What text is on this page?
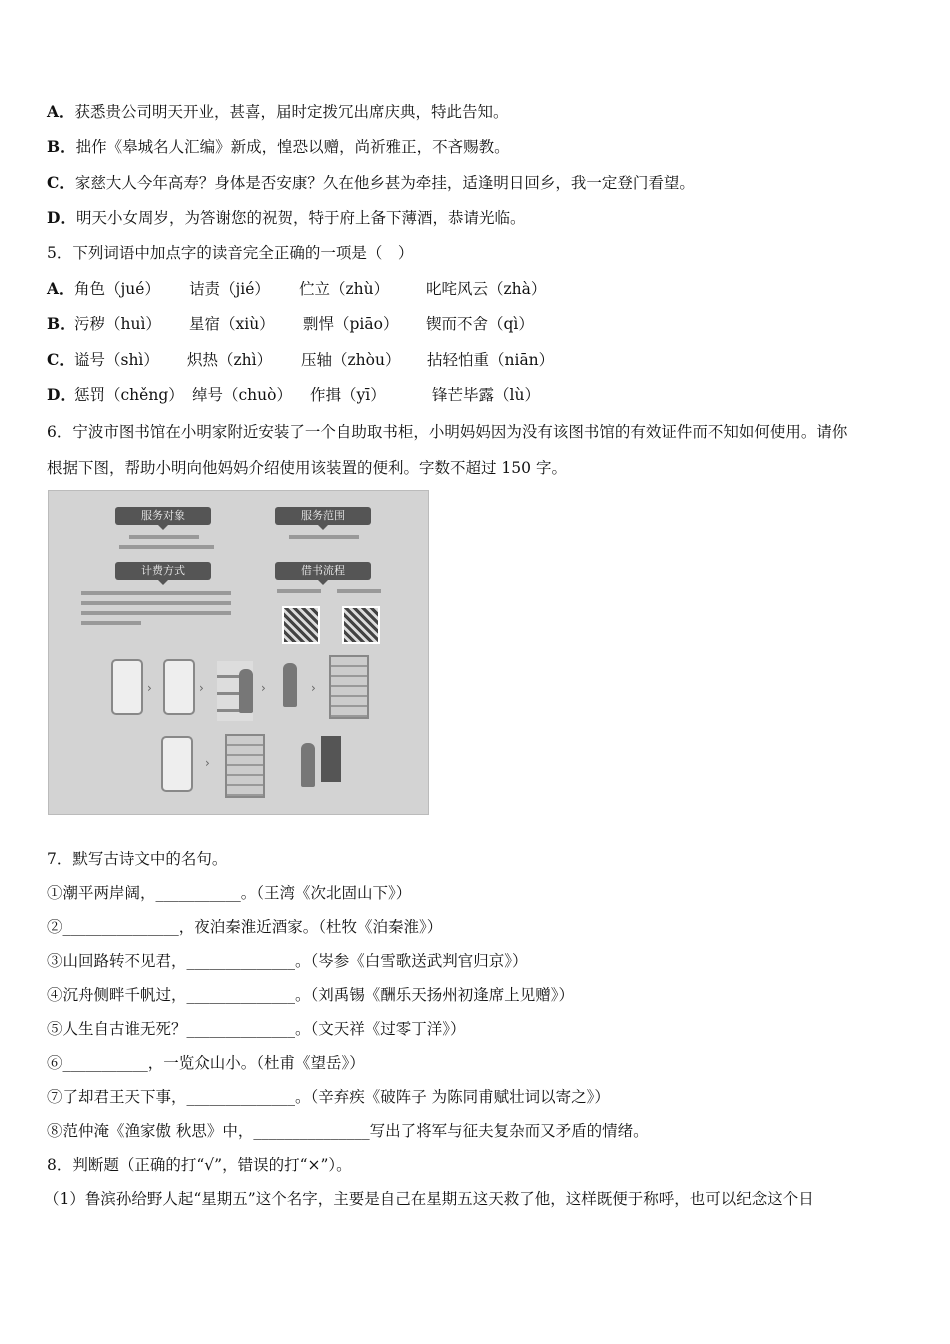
A．获悉贵公司明天开业，甚喜，届时定拨冗出席庆典，特此告知。
B．拙作《皋城名人汇编》新成，惶恐以赠，尚祈雅正，不吝赐教。
C．家慈大人今年高寿？身体是否安康？久在他乡甚为牵挂，适逢明日回乡，我一定登门看望。
D．明天小女周岁，为答谢您的祝贺，特于府上备下薄酒，恭请光临。
5．下列词语中加点字的读音完全正确的一项是（　）
A． 角色（jué） 诘责（jié） 伫立（zhù） 叱咤风云（zhà）
B．
污秽（huì） 星宿（xiù） 剽悍（piāo） 锲而不舍（qì）
C． 谥号（shì） 炽热（zhì） 压轴（zhòu） 拈轻怕重（niān）
D．
惩罚（chěng） 绰号（chuò） 作揖（yī）	锋芒毕露（lù）
6．宁波市图书馆在小明家附近安装了一个自助取书柜，小明妈妈因为没有该图书馆的有效证件而不知如何使用。请你
根据下图，帮助小明向他妈妈介绍使用该装置的便利。字数不超过 150 字。
服务对象	服务范围
计费方式	借书流程
›	›	›	›
›
7．默写古诗文中的名句。
①潮平两岸阔，___________。（王湾《次北固山下》）
②_______________，夜泊秦淮近酒家。（杜牧《泊秦淮》）
③山回路转不见君，______________。（岑参《白雪歌送武判官归京》）
④沉舟侧畔千帆过，______________。（刘禹锡《酬乐天扬州初逢席上见赠》）
⑤人生自古谁无死？______________。（文天祥《过零丁洋》）
⑥___________，一览众山小。（杜甫《望岳》）
⑦了却君王天下事，______________。（辛弃疾《破阵子 为陈同甫赋壮词以寄之》）
⑧范仲淹《渔家傲 秋思》中，_______________写出了将军与征夫复杂而又矛盾的情绪。
8．判断题（正确的打“√”，错误的打“×”）。
（1）鲁滨孙给野人起“星期五”这个名字，主要是自己在星期五这天救了他，这样既便于称呼，也可以纪念这个日
